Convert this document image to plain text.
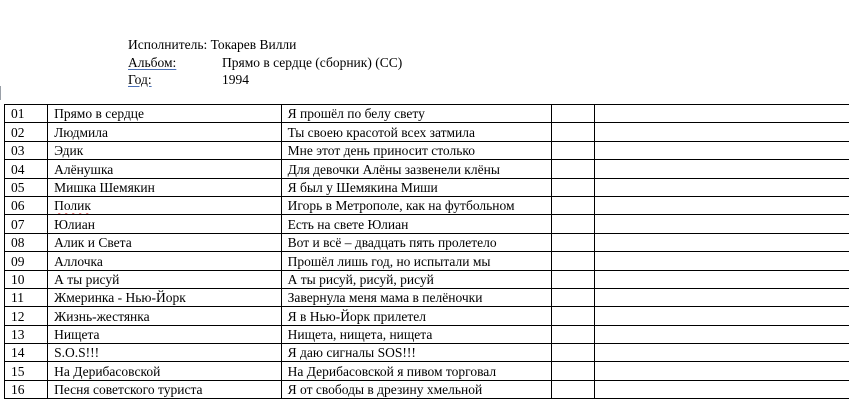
Исполнитель:
Токарев Вилли
Альбом:	Прямо в сердце (сборник) (СС)
Год:	1994
01	Прямо в сердце	Я прошёл по белу свету		
02	Людмила	Ты своею красотой всех затмила		
03	Эдик	Мне этот день приносит столько		
04	Алёнушка	Для девочки Алёны зазвенели клёны		
05	Мишка Шемякин	Я был у Шемякина Миши		
06	Полик	Игорь в Метрополе, как на футбольном		
07	Юлиан	Есть на свете Юлиан		
08	Алик и Света	Вот и всё – двадцать пять пролетело		
09	Аллочка	Прошёл лишь год, но испытали мы		
10	А ты рисуй	А ты рисуй, рисуй, рисуй		
11	Жмеринка - Нью-Йорк	Завернула меня мама в пелёночки		
12	Жизнь-жестянка	Я в Нью-Йорк прилетел		
13	Нищета	Нищета, нищета, нищета		
14	S.O.S!!!	Я даю сигналы SOS!!!		
15	На Дерибасовской	На Дерибасовской я пивом торговал		
16	Песня советского туриста	Я от свободы в дрезину хмельной		
